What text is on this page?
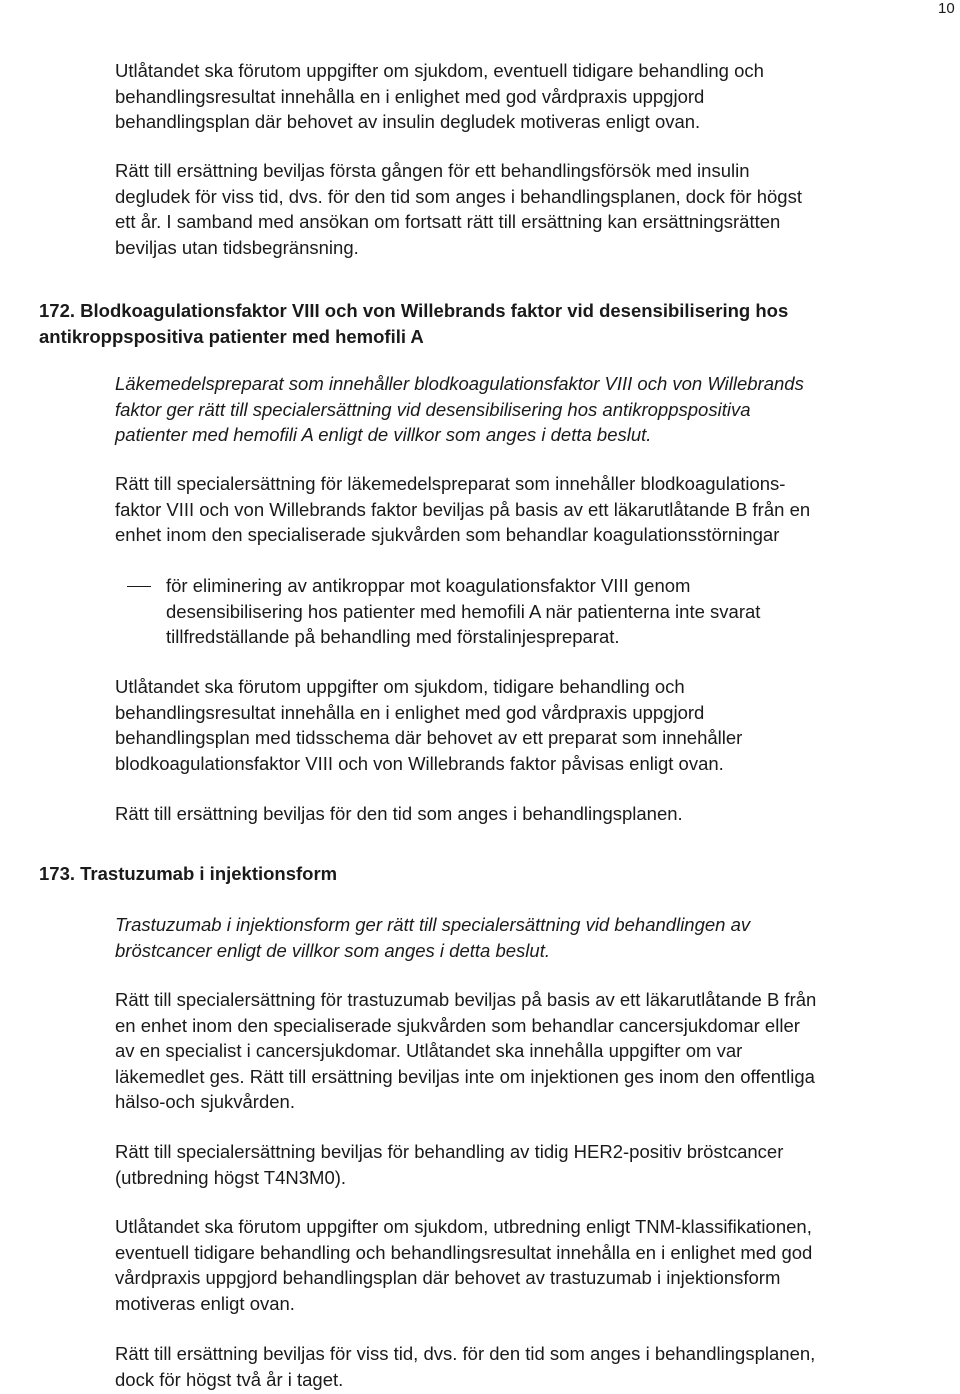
10

Utlåtandet ska förutom uppgifter om sjukdom, eventuell tidigare behandling och
behandlingsresultat innehålla en i enlighet med god vårdpraxis uppgjord
behandlingsplan där behovet av insulin degludek motiveras enligt ovan.

Rätt till ersättning beviljas första gången för ett behandlingsförsök med insulin
degludek för viss tid, dvs. för den tid som anges i behandlingsplanen, dock för högst
ett år. I samband med ansökan om fortsatt rätt till ersättning kan ersättningsrätten
beviljas utan tidsbegränsning.

172. Blodkoagulationsfaktor VIII och von Willebrands faktor vid desensibilisering hos
antikroppspositiva patienter med hemofili A

Läkemedelspreparat som innehåller blodkoagulationsfaktor VIII och von Willebrands
faktor ger rätt till specialersättning vid desensibilisering hos antikroppspositiva
patienter med hemofili A enligt de villkor som anges i detta beslut.

Rätt till specialersättning för läkemedelspreparat som innehåller blodkoagulations-
faktor VIII och von Willebrands faktor beviljas på basis av ett läkarutlåtande B från en
enhet inom den specialiserade sjukvården som behandlar koagulationsstörningar

för eliminering av antikroppar mot koagulationsfaktor VIII genom
desensibilisering hos patienter med hemofili A när patienterna inte svarat
tillfredställande på behandling med förstalinjespreparat.

Utlåtandet ska förutom uppgifter om sjukdom, tidigare behandling och
behandlingsresultat innehålla en i enlighet med god vårdpraxis uppgjord
behandlingsplan med tidsschema där behovet av ett preparat som innehåller
blodkoagulationsfaktor VIII och von Willebrands faktor påvisas enligt ovan.

Rätt till ersättning beviljas för den tid som anges i behandlingsplanen.

173. Trastuzumab i injektionsform

Trastuzumab i injektionsform ger rätt till specialersättning vid behandlingen av
bröstcancer enligt de villkor som anges i detta beslut.

Rätt till specialersättning för trastuzumab beviljas på basis av ett läkarutlåtande B från
en enhet inom den specialiserade sjukvården som behandlar cancersjukdomar eller
av en specialist i cancersjukdomar. Utlåtandet ska innehålla uppgifter om var
läkemedlet ges. Rätt till ersättning beviljas inte om injektionen ges inom den offentliga
hälso-och sjukvården.

Rätt till specialersättning beviljas för behandling av tidig HER2-positiv bröstcancer
(utbredning högst T4N3M0).

Utlåtandet ska förutom uppgifter om sjukdom, utbredning enligt TNM-klassifikationen,
eventuell tidigare behandling och behandlingsresultat innehålla en i enlighet med god
vårdpraxis uppgjord behandlingsplan där behovet av trastuzumab i injektionsform
motiveras enligt ovan.

Rätt till ersättning beviljas för viss tid, dvs. för den tid som anges i behandlingsplanen,
dock för högst två år i taget.
